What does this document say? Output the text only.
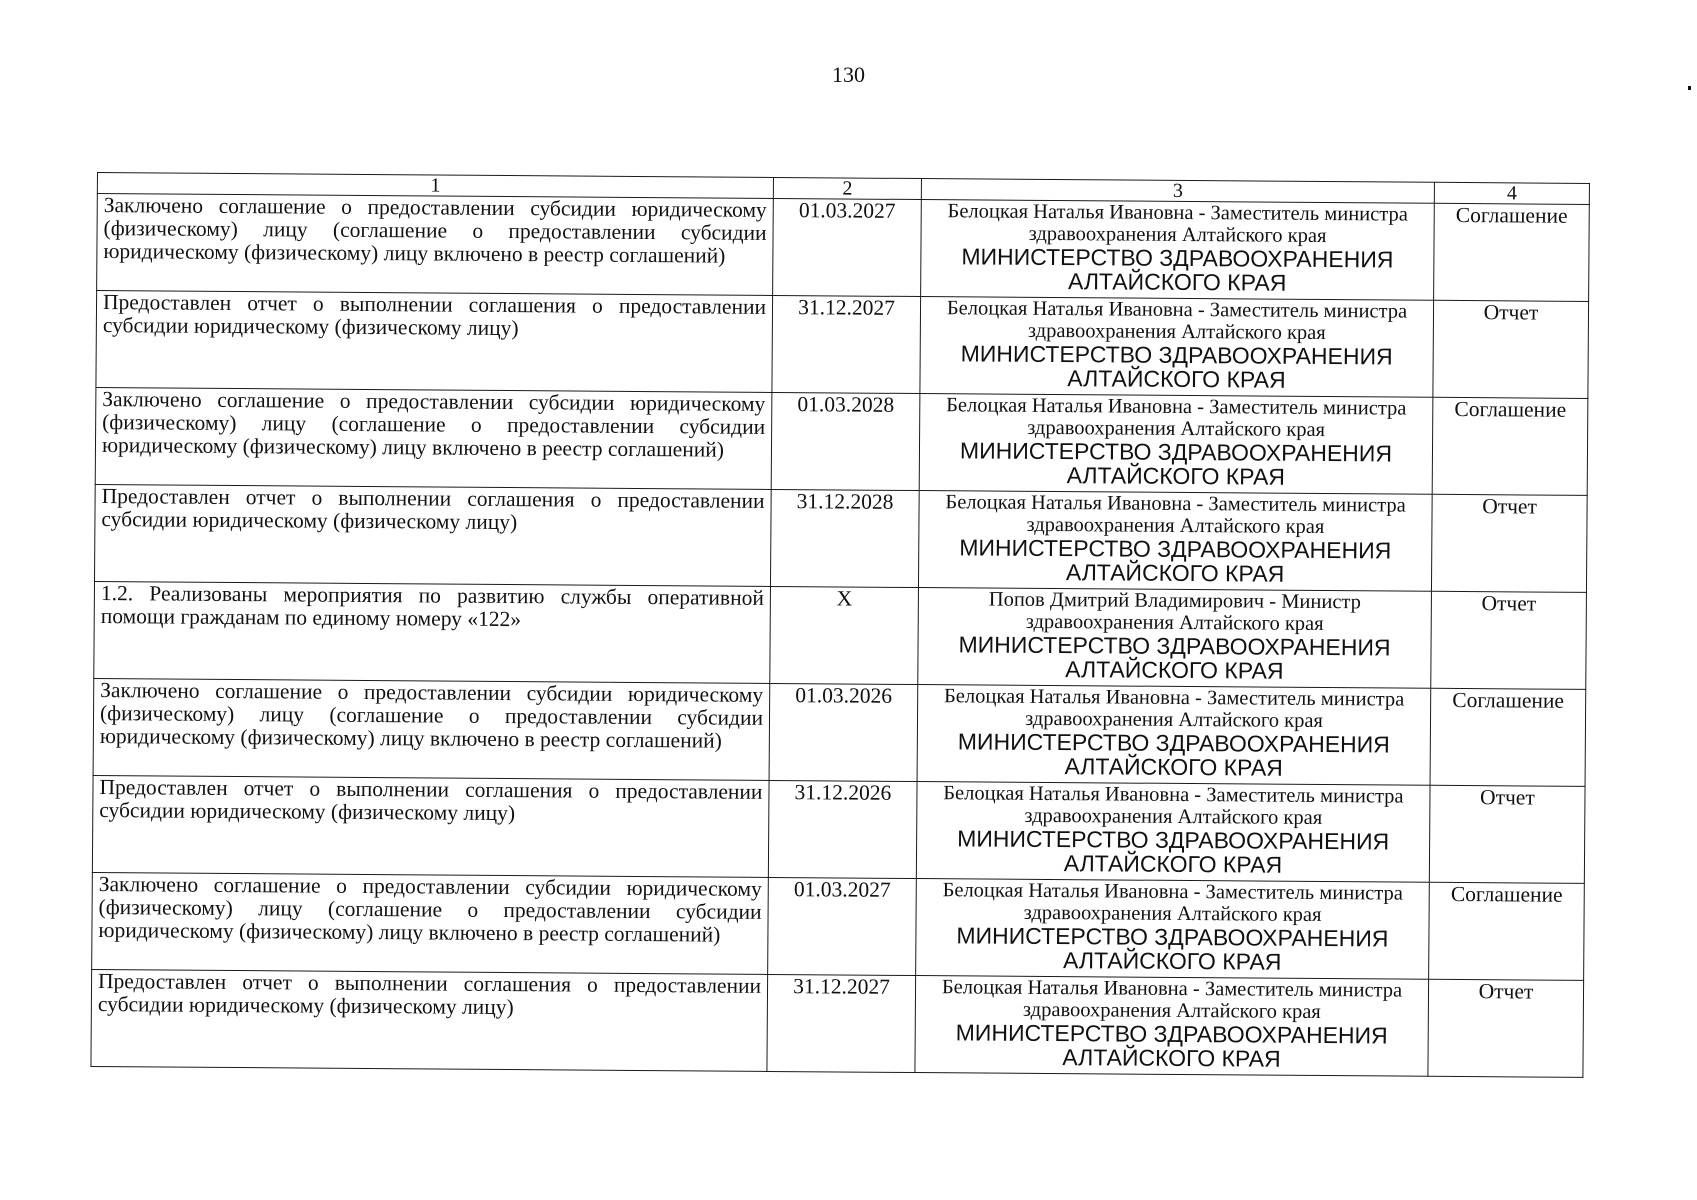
130
1	2	3	4
Заключено соглашение о предоставлении субсидии юридическому (физическому) лицу (соглашение о предоставлении субсидии юридическому (физическому) лицу включено в реестр соглашений)	01.03.2027	Белоцкая Наталья Ивановна - Заместитель министра здравоохранения Алтайского края
МИНИСТЕРСТВО ЗДРАВООХРАНЕНИЯ АЛТАЙСКОГО КРАЯ	Соглашение
Предоставлен отчет о выполнении соглашения о предоставлении субсидии юридическому (физическому лицу)	31.12.2027	Белоцкая Наталья Ивановна - Заместитель министра здравоохранения Алтайского края
МИНИСТЕРСТВО ЗДРАВООХРАНЕНИЯ АЛТАЙСКОГО КРАЯ	Отчет
Заключено соглашение о предоставлении субсидии юридическому (физическому) лицу (соглашение о предоставлении субсидии юридическому (физическому) лицу включено в реестр соглашений)	01.03.2028	Белоцкая Наталья Ивановна - Заместитель министра здравоохранения Алтайского края
МИНИСТЕРСТВО ЗДРАВООХРАНЕНИЯ АЛТАЙСКОГО КРАЯ	Соглашение
Предоставлен отчет о выполнении соглашения о предоставлении субсидии юридическому (физическому лицу)	31.12.2028	Белоцкая Наталья Ивановна - Заместитель министра здравоохранения Алтайского края
МИНИСТЕРСТВО ЗДРАВООХРАНЕНИЯ АЛТАЙСКОГО КРАЯ	Отчет
1.2. Реализованы мероприятия по развитию службы оперативной помощи гражданам по единому номеру «122»	Х	Попов Дмитрий Владимирович - Министр здравоохранения Алтайского края
МИНИСТЕРСТВО ЗДРАВООХРАНЕНИЯ АЛТАЙСКОГО КРАЯ	Отчет
Заключено соглашение о предоставлении субсидии юридическому (физическому) лицу (соглашение о предоставлении субсидии юридическому (физическому) лицу включено в реестр соглашений)	01.03.2026	Белоцкая Наталья Ивановна - Заместитель министра здравоохранения Алтайского края
МИНИСТЕРСТВО ЗДРАВООХРАНЕНИЯ АЛТАЙСКОГО КРАЯ	Соглашение
Предоставлен отчет о выполнении соглашения о предоставлении субсидии юридическому (физическому лицу)	31.12.2026	Белоцкая Наталья Ивановна - Заместитель министра здравоохранения Алтайского края
МИНИСТЕРСТВО ЗДРАВООХРАНЕНИЯ АЛТАЙСКОГО КРАЯ	Отчет
Заключено соглашение о предоставлении субсидии юридическому (физическому) лицу (соглашение о предоставлении субсидии юридическому (физическому) лицу включено в реестр соглашений)	01.03.2027	Белоцкая Наталья Ивановна - Заместитель министра здравоохранения Алтайского края
МИНИСТЕРСТВО ЗДРАВООХРАНЕНИЯ АЛТАЙСКОГО КРАЯ	Соглашение
Предоставлен отчет о выполнении соглашения о предоставлении субсидии юридическому (физическому лицу)	31.12.2027	Белоцкая Наталья Ивановна - Заместитель министра здравоохранения Алтайского края
МИНИСТЕРСТВО ЗДРАВООХРАНЕНИЯ АЛТАЙСКОГО КРАЯ	Отчет
